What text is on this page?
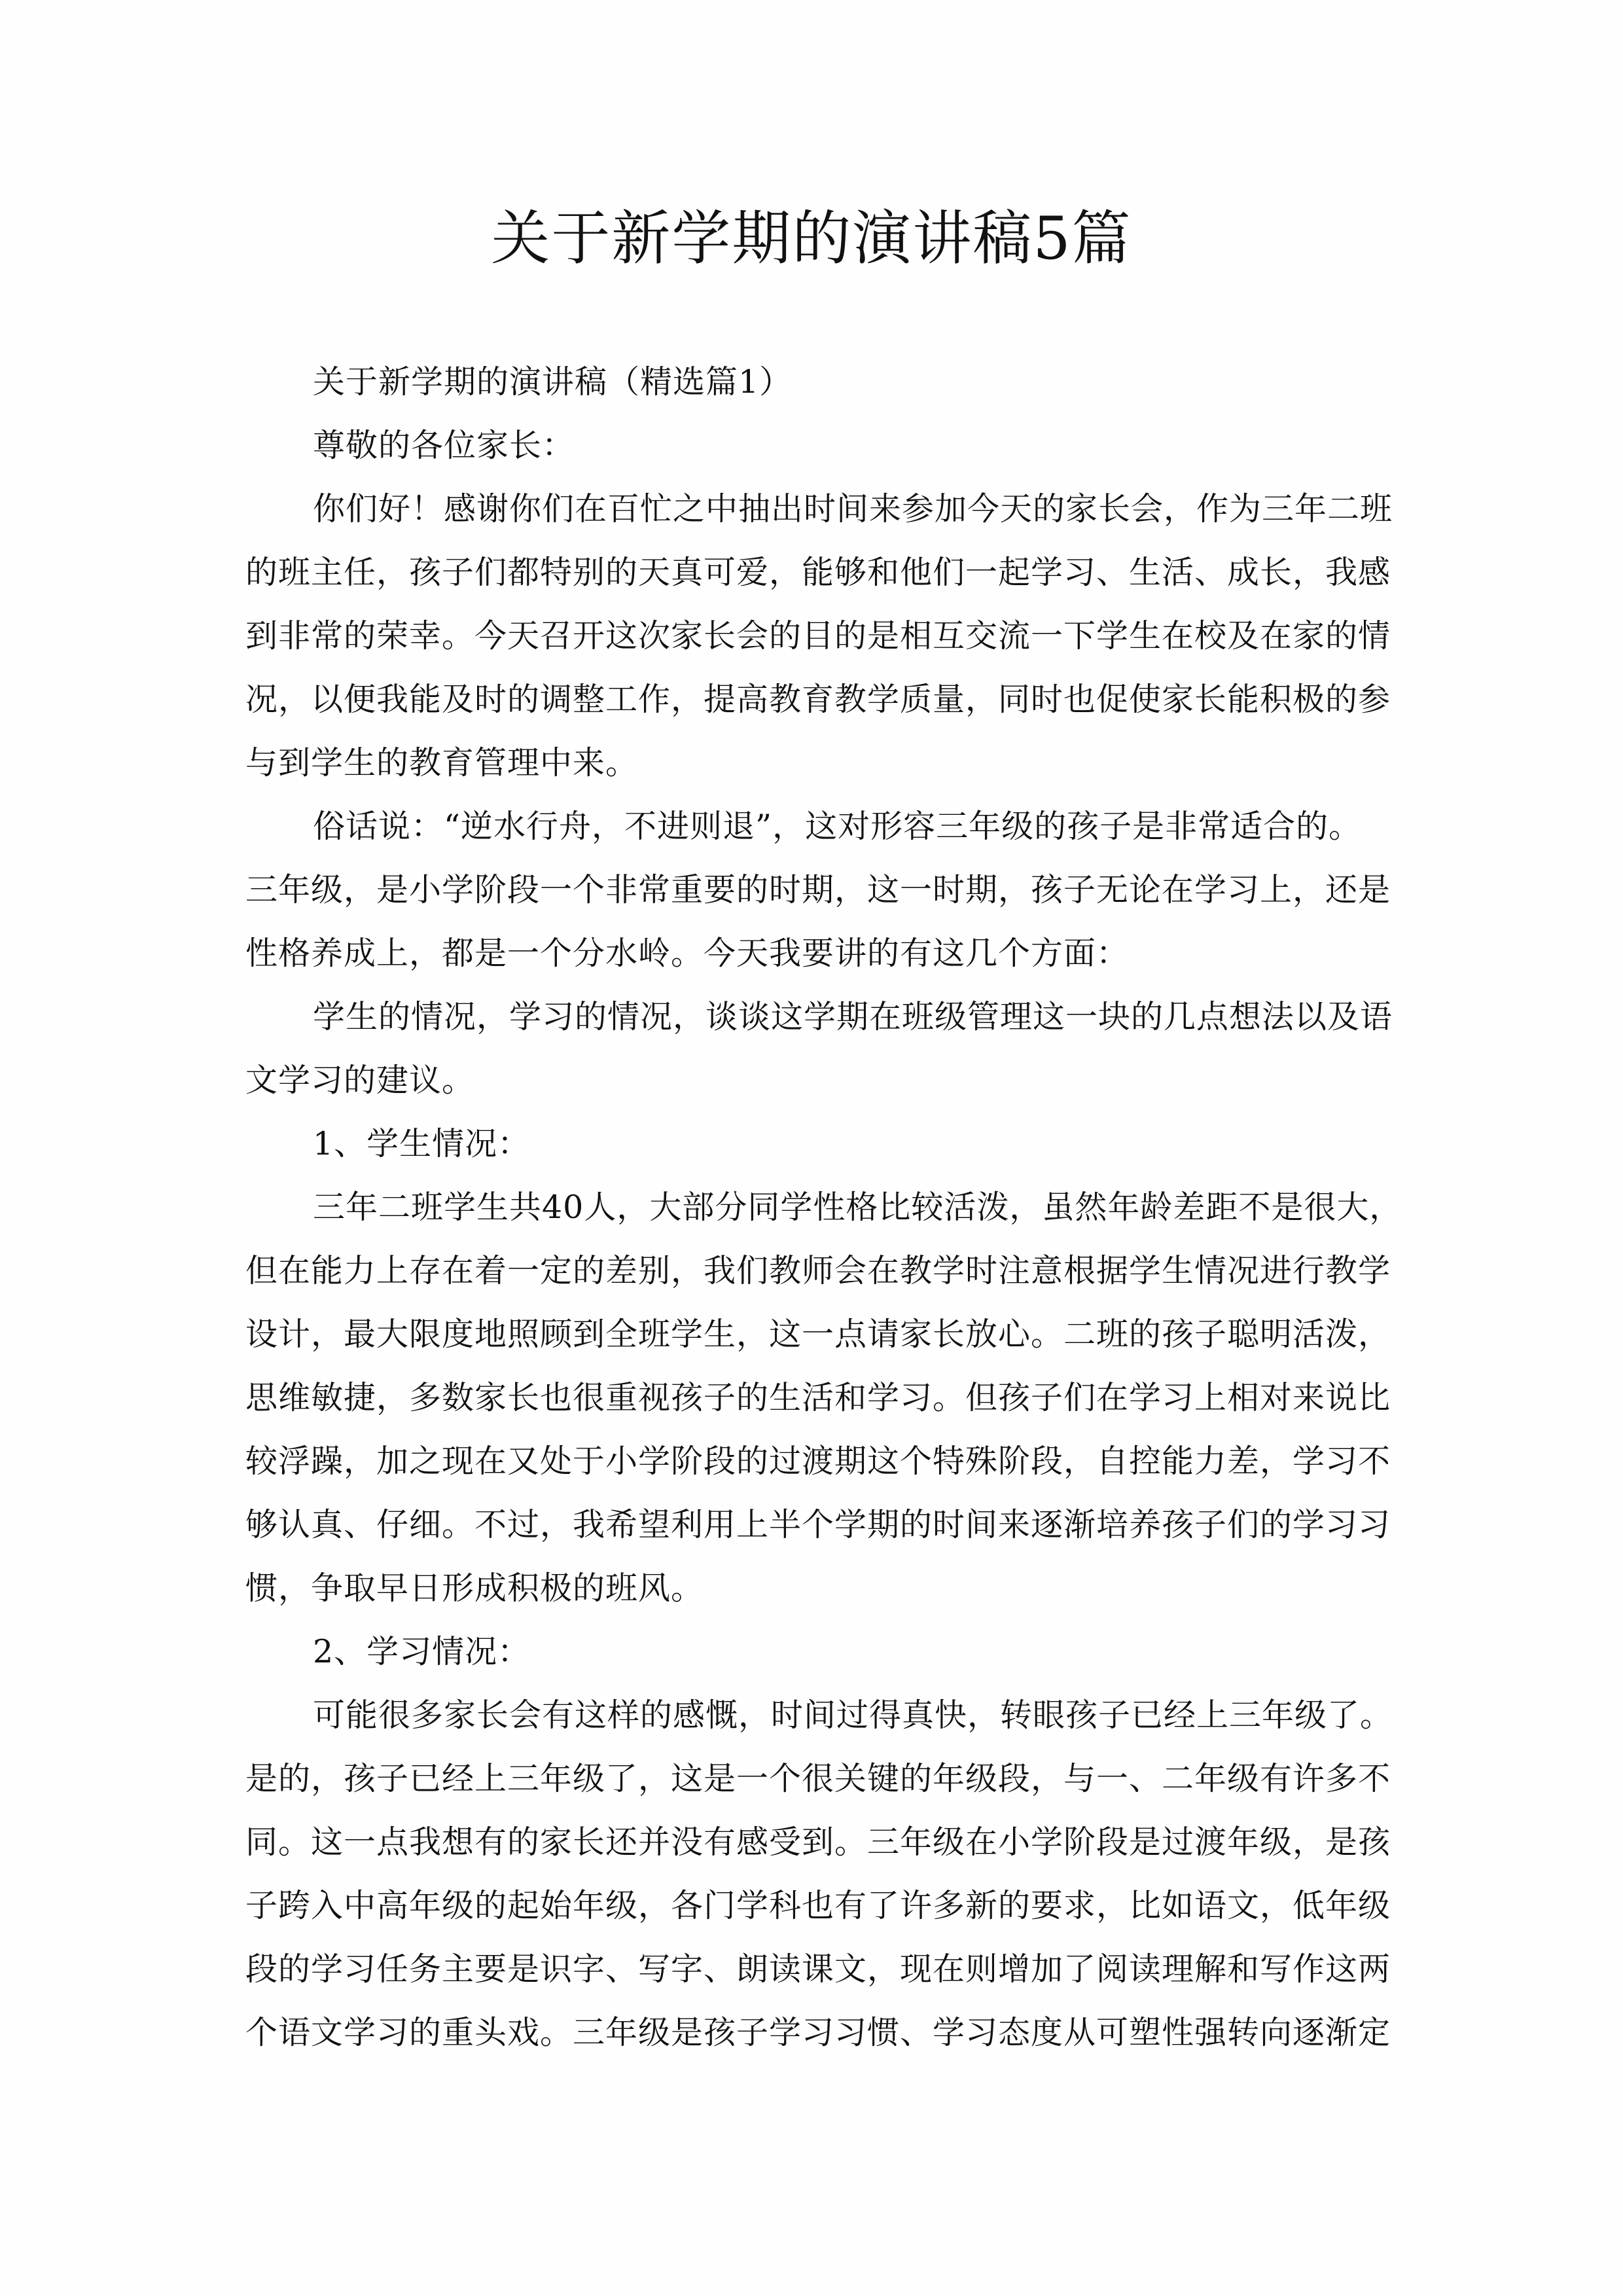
关于新学期的演讲稿5篇
关于新学期的演讲稿（精选篇1）
尊敬的各位家长：
你们好！感谢你们在百忙之中抽出时间来参加今天的家长会，作为三年二班
的班主任，孩子们都特别的天真可爱，能够和他们一起学习、生活、成长，我感
到非常的荣幸。今天召开这次家长会的目的是相互交流一下学生在校及在家的情
况，以便我能及时的调整工作，提高教育教学质量，同时也促使家长能积极的参
与到学生的教育管理中来。
俗话说：“逆水行舟，不进则退”，这对形容三年级的孩子是非常适合的。
三年级，是小学阶段一个非常重要的时期，这一时期，孩子无论在学习上，还是
性格养成上，都是一个分水岭。今天我要讲的有这几个方面：
学生的情况，学习的情况，谈谈这学期在班级管理这一块的几点想法以及语
文学习的建议。
1、学生情况：
三年二班学生共40人，大部分同学性格比较活泼，虽然年龄差距不是很大，
但在能力上存在着一定的差别，我们教师会在教学时注意根据学生情况进行教学
设计，最大限度地照顾到全班学生，这一点请家长放心。二班的孩子聪明活泼，
思维敏捷，多数家长也很重视孩子的生活和学习。但孩子们在学习上相对来说比
较浮躁，加之现在又处于小学阶段的过渡期这个特殊阶段，自控能力差，学习不
够认真、仔细。不过，我希望利用上半个学期的时间来逐渐培养孩子们的学习习
惯，争取早日形成积极的班风。
2、学习情况：
可能很多家长会有这样的感慨，时间过得真快，转眼孩子已经上三年级了。
是的，孩子已经上三年级了，这是一个很关键的年级段，与一、二年级有许多不
同。这一点我想有的家长还并没有感受到。三年级在小学阶段是过渡年级，是孩
子跨入中高年级的起始年级，各门学科也有了许多新的要求，比如语文，低年级
段的学习任务主要是识字、写字、朗读课文，现在则增加了阅读理解和写作这两
个语文学习的重头戏。三年级是孩子学习习惯、学习态度从可塑性强转向逐渐定
